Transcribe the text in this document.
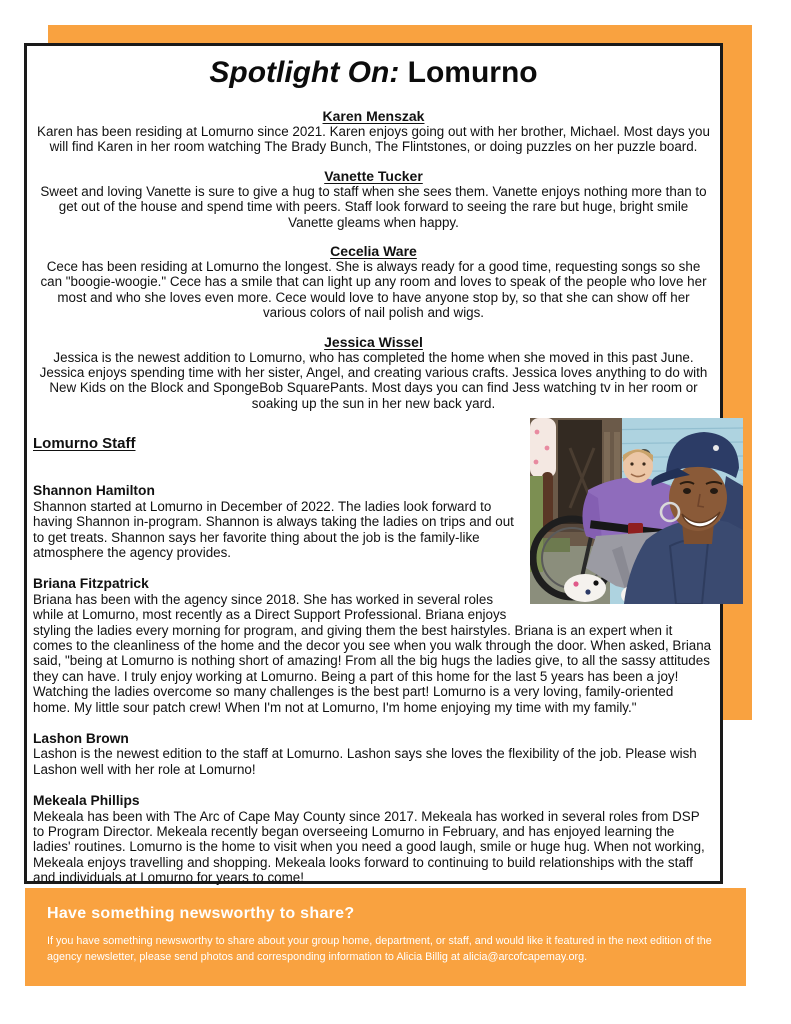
Spotlight On: Lomurno
Karen Menszak
Karen has been residing at Lomurno since 2021. Karen enjoys going out with her brother, Michael. Most days you will find Karen in her room watching The Brady Bunch, The Flintstones, or doing puzzles on her puzzle board.
Vanette Tucker
Sweet and loving Vanette is sure to give a hug to staff when she sees them. Vanette enjoys nothing more than to get out of the house and spend time with peers. Staff look forward to seeing the rare but huge, bright smile Vanette gleams when happy.
Cecelia Ware
Cece has been residing at Lomurno the longest. She is always ready for a good time, requesting songs so she can "boogie-woogie." Cece has a smile that can light up any room and loves to speak of the people who love her most and who she loves even more. Cece would love to have anyone stop by, so that she can show off her various colors of nail polish and wigs.
Jessica Wissel
Jessica is the newest addition to Lomurno, who has completed the home when she moved in this past June. Jessica enjoys spending time with her sister, Angel, and creating various crafts. Jessica loves anything to do with New Kids on the Block and SpongeBob SquarePants. Most days you can find Jess watching tv in her room or soaking up the sun in her new back yard.
Lomurno Staff
Shannon Hamilton
Shannon started at Lomurno in December of 2022. The ladies look forward to having Shannon in-program. Shannon is always taking the ladies on trips and out to get treats. Shannon says her favorite thing about the job is the family-like atmosphere the agency provides.
Briana Fitzpatrick
Briana has been with the agency since 2018. She has worked in several roles while at Lomurno, most recently as a Direct Support Professional. Briana enjoys styling the ladies every morning for program, and giving them the best hairstyles. Briana is an expert when it comes to the cleanliness of the home and the decor you see when you walk through the door. When asked, Briana said, "being at Lomurno is nothing short of amazing! From all the big hugs the ladies give, to all the sassy attitudes they can have. I truly enjoy working at Lomurno. Being a part of this home for the last 5 years has been a joy! Watching the ladies overcome so many challenges is the best part! Lomurno is a very loving, family-oriented home. My little sour patch crew! When I'm not at Lomurno, I'm home enjoying my time with my family."
Lashon Brown
Lashon is the newest edition to the staff at Lomurno. Lashon says she loves the flexibility of the job. Please wish Lashon well with her role at Lomurno!
Mekeala Phillips
Mekeala has been with The Arc of Cape May County since 2017. Mekeala has worked in several roles from DSP to Program Director. Mekeala recently began overseeing Lomurno in February, and has enjoyed learning the ladies' routines. Lomurno is the home to visit when you need a good laugh, smile or huge hug. When not working, Mekeala enjoys travelling and shopping. Mekeala looks forward to continuing to build relationships with the staff and individuals at Lomurno for years to come!

Have something newsworthy to share?

If you have something newsworthy to share about your group home, department, or staff, and would like it featured in the next edition of the agency newsletter, please send photos and corresponding information to Alicia Billig at alicia@arcofcapemay.org.
